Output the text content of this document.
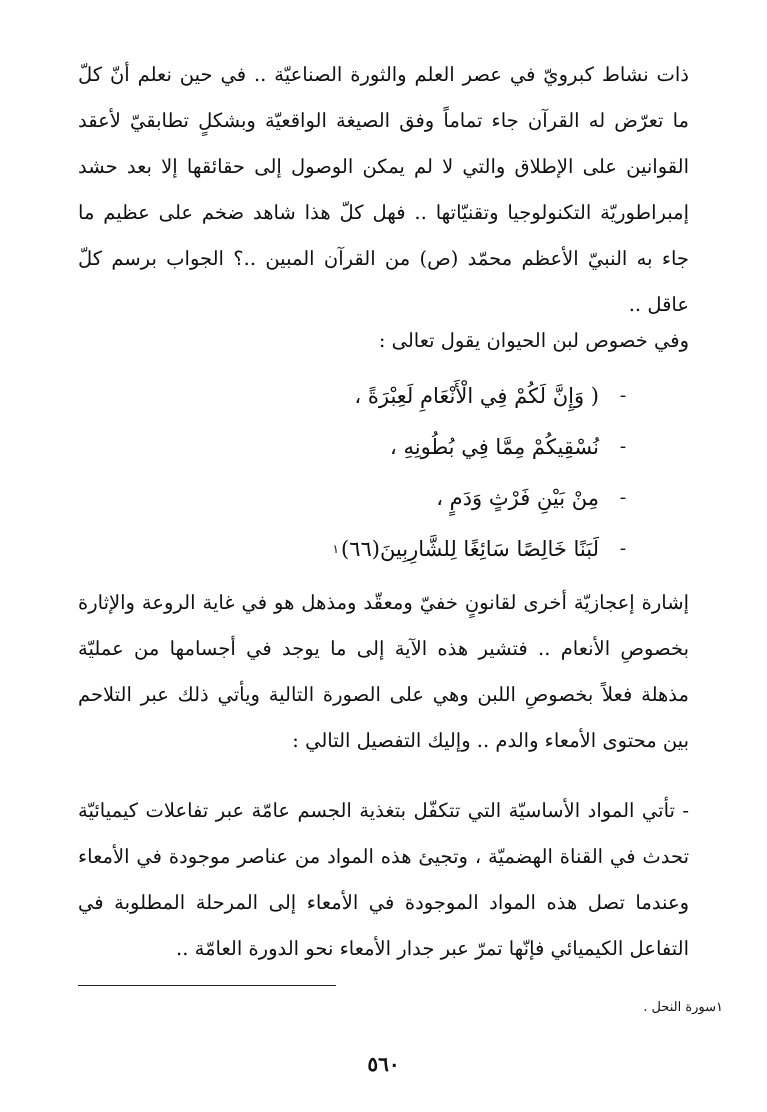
ذات نشاط كبرويّ في عصر العلم والثورة الصناعيّة .. في حين نعلم أنّ كلّ ما تعرّض له القرآن جاء تماماً وفق الصيغة الواقعيّة وبشكلٍ تطابقيّ لأعقد القوانين على الإطلاق والتي لا لم يمكن الوصول إلى حقائقها إلا بعد حشد إمبراطوريّة التكنولوجيا وتقنيّاتها .. فهل كلّ هذا شاهد ضخم على عظيم ما جاء به النبيّ الأعظم محمّد (ص) من القرآن المبين ..؟ الجواب برسم كلّ عاقل ..

وفي خصوص لبن الحيوان يقول تعالى :

-
( وَإِنَّ لَكُمْ فِي الْأَنْعَامِ لَعِبْرَةً ،
-
نُسْقِيكُمْ مِمَّا فِي بُطُونِهِ ،
-
مِنْ بَيْنِ فَرْثٍ وَدَمٍ ،
-
لَبَنًا خَالِصًا سَائِغًا لِلشَّارِبِينَ(٦٦)
١

إشارة إعجازيّة أخرى لقانونٍ خفيّ ومعقّد ومذهل هو في غاية الروعة والإثارة بخصوصِ الأنعام .. فتشير هذه الآية إلى ما يوجد في أجسامها من عمليّة مذهلة فعلاً بخصوصِ اللبن وهي على الصورة التالية ويأتي ذلك عبر التلاحم بين محتوى الأمعاء والدم .. وإليك التفصيل التالي :

- تأتي المواد الأساسيّة التي تتكفّل بتغذية الجسم عامّة عبر تفاعلات كيميائيّة تحدث في القناة الهضميّة ، وتجيئ هذه المواد من عناصر موجودة في الأمعاء وعندما تصل هذه المواد الموجودة في الأمعاء إلى المرحلة المطلوبة في التفاعل الكيميائي فإنّها تمرّ عبر جدار الأمعاء نحو الدورة العامّة ..

١سورة النحل .
٥٦٠
